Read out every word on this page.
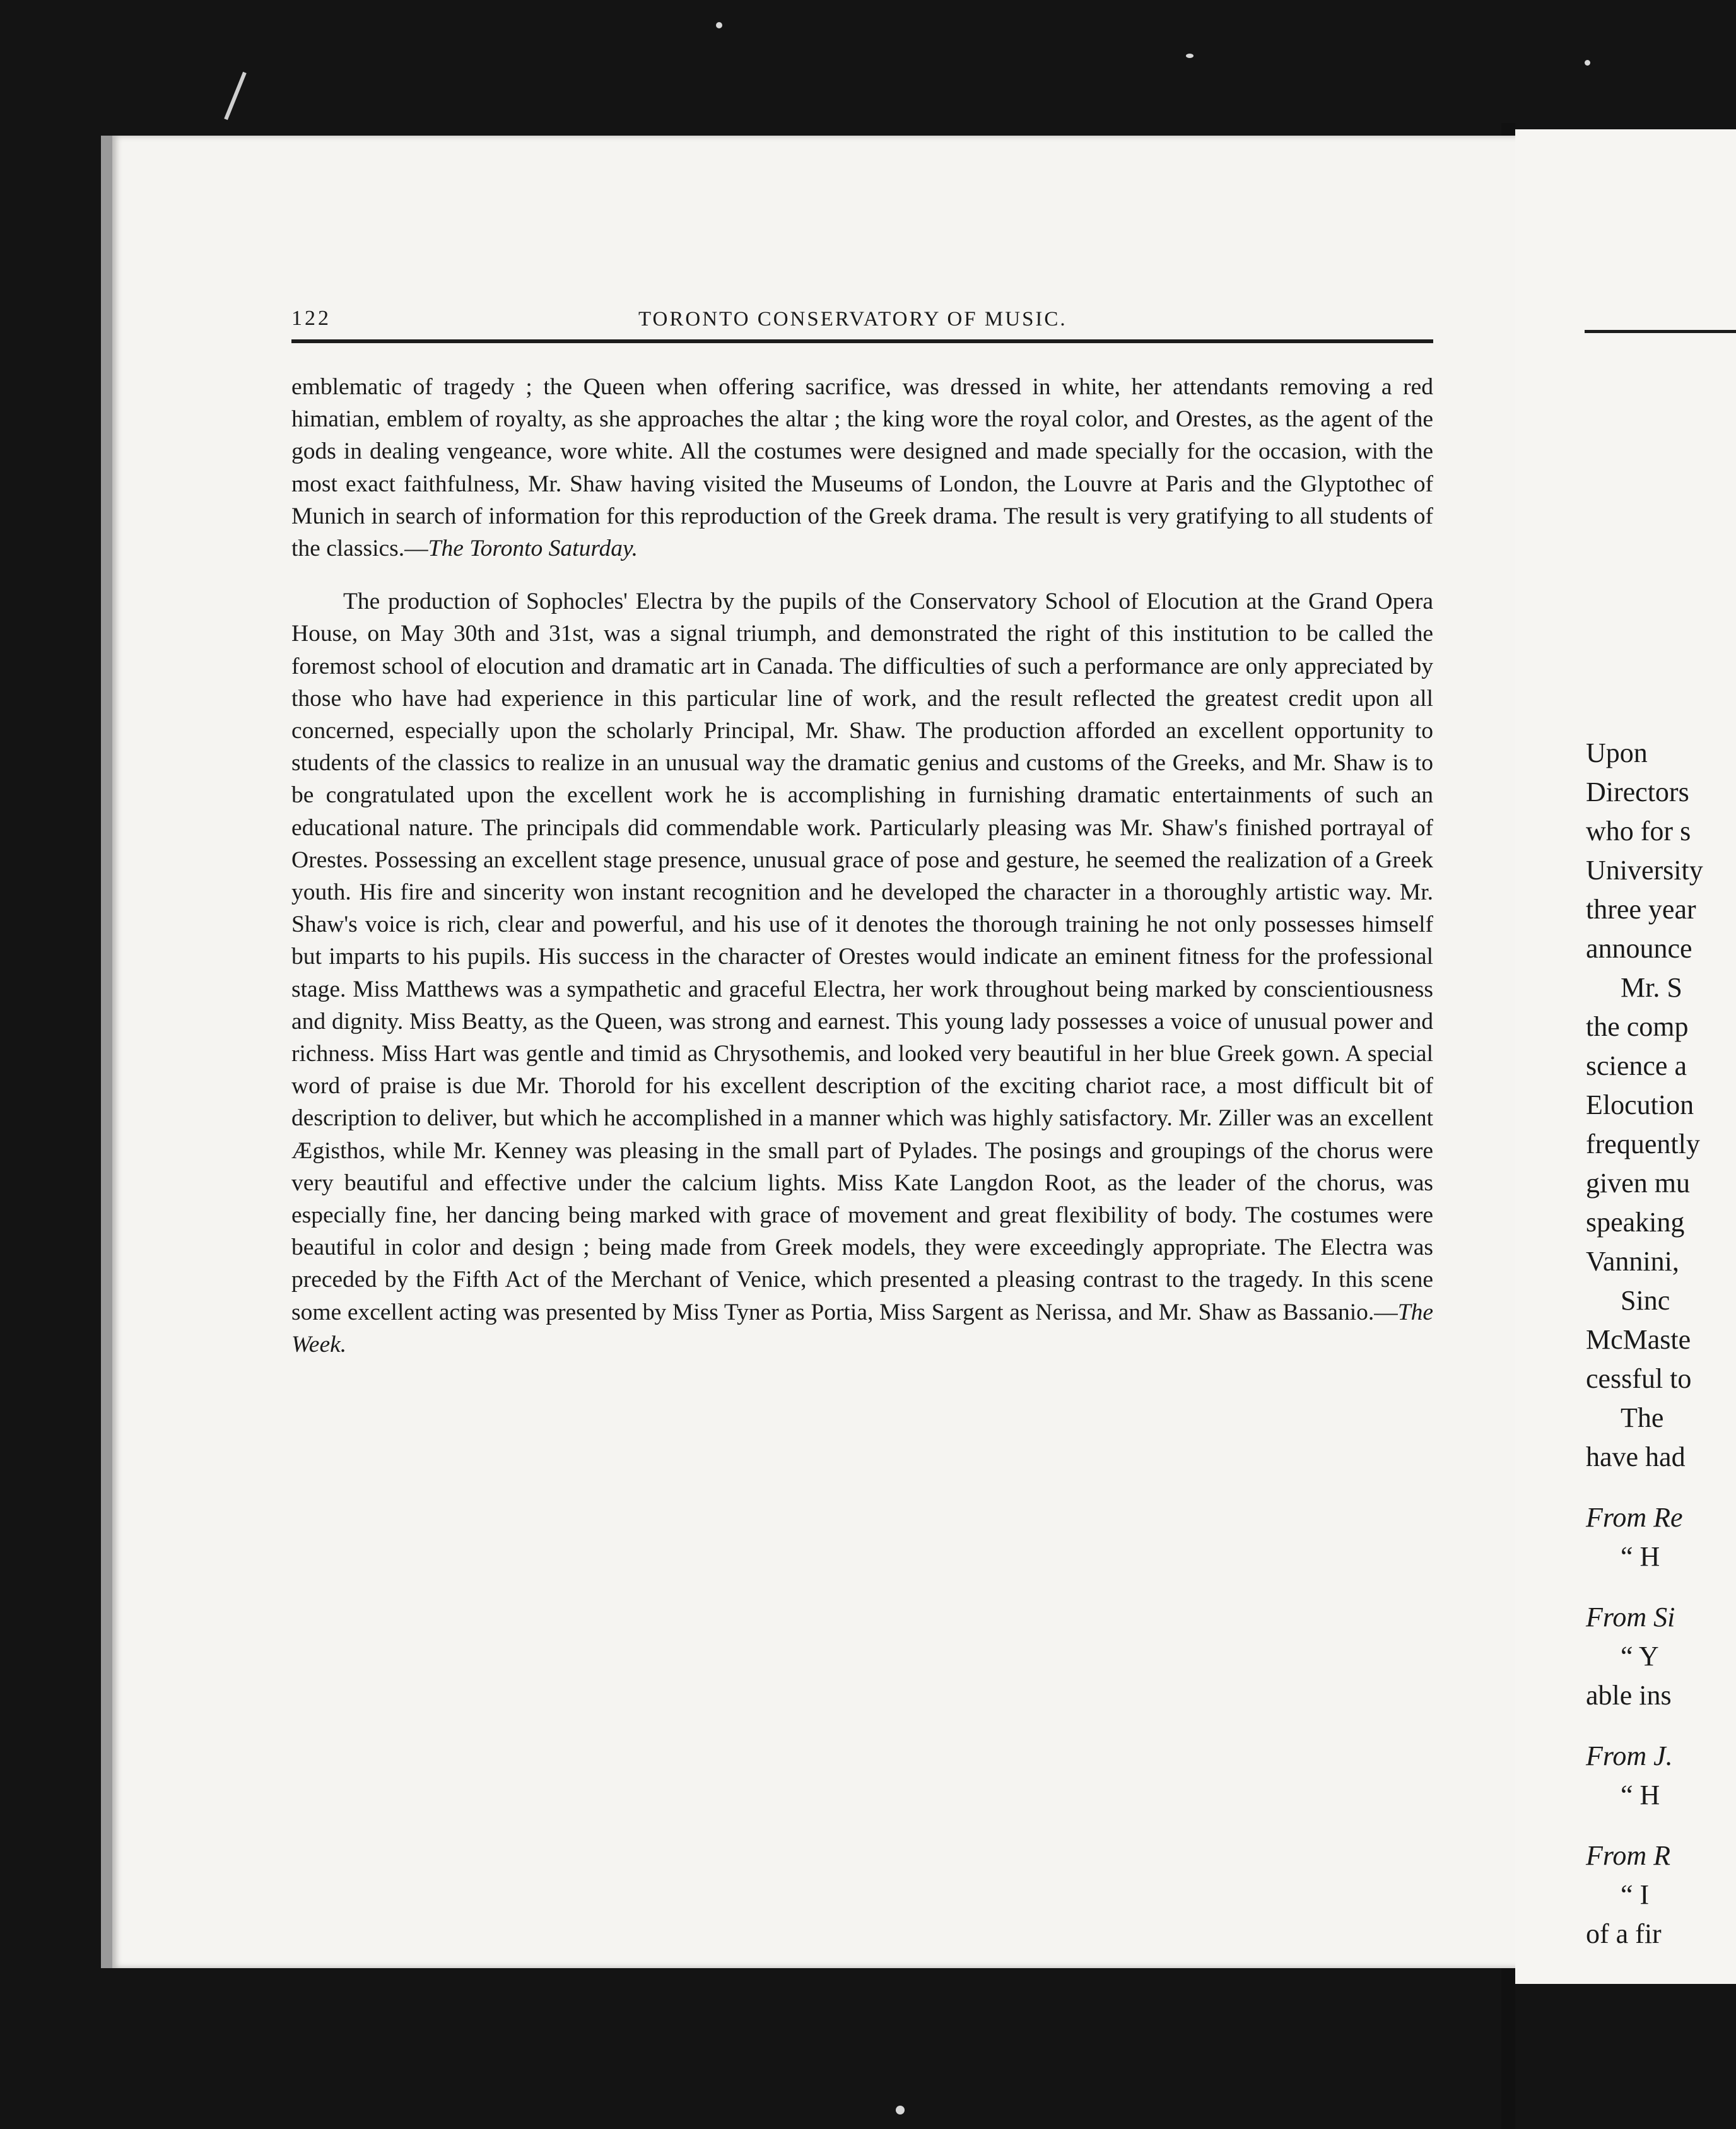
122	TORONTO CONSERVATORY OF MUSIC.

emblematic of tragedy ; the Queen when offering sacrifice, was dressed in white, her attendants removing a red himatian, emblem of royalty, as she approaches the altar ; the king wore the royal color, and Orestes, as the agent of the gods in dealing vengeance, wore white. All the costumes were designed and made specially for the occasion, with the most exact faithfulness, Mr. Shaw having visited the Museums of London, the Louvre at Paris and the Glyptothec of Munich in search of information for this reproduction of the Greek drama. The result is very gratifying to all students of the classics.—The Toronto Saturday.

The production of Sophocles' Electra by the pupils of the Conservatory School of Elocution at the Grand Opera House, on May 30th and 31st, was a signal triumph, and demonstrated the right of this institution to be called the foremost school of elocution and dramatic art in Canada. The difficulties of such a performance are only appreciated by those who have had experience in this particular line of work, and the result reflected the greatest credit upon all concerned, especially upon the scholarly Principal, Mr. Shaw. The production afforded an excellent opportunity to students of the classics to realize in an unusual way the dramatic genius and customs of the Greeks, and Mr. Shaw is to be congratulated upon the excellent work he is accomplishing in furnishing dramatic entertainments of such an educational nature. The principals did commendable work. Particularly pleasing was Mr. Shaw's finished portrayal of Orestes. Possessing an excellent stage presence, unusual grace of pose and gesture, he seemed the realization of a Greek youth. His fire and sincerity won instant recognition and he developed the character in a thoroughly artistic way. Mr. Shaw's voice is rich, clear and powerful, and his use of it denotes the thorough training he not only possesses himself but imparts to his pupils. His success in the character of Orestes would indicate an eminent fitness for the professional stage. Miss Matthews was a sympathetic and graceful Electra, her work throughout being marked by conscientiousness and dignity. Miss Beatty, as the Queen, was strong and earnest. This young lady possesses a voice of unusual power and richness. Miss Hart was gentle and timid as Chrysothemis, and looked very beautiful in her blue Greek gown. A special word of praise is due Mr. Thorold for his excellent description of the exciting chariot race, a most difficult bit of description to deliver, but which he accomplished in a manner which was highly satisfactory. Mr. Ziller was an excellent Ægisthos, while Mr. Kenney was pleasing in the small part of Pylades. The posings and groupings of the chorus were very beautiful and effective under the calcium lights. Miss Kate Langdon Root, as the leader of the chorus, was especially fine, her dancing being marked with grace of movement and great flexibility of body. The costumes were beautiful in color and design ; being made from Greek models, they were exceedingly appropriate. The Electra was preceded by the Fifth Act of the Merchant of Venice, which presented a pleasing contrast to the tragedy. In this scene some excellent acting was presented by Miss Tyner as Portia, Miss Sargent as Nerissa, and Mr. Shaw as Bassanio.—The Week.

Upon
Directors
who for s
University
three year
announce
Mr. S
the comp
science a
Elocution
frequently
given mu
speaking
Vannini,
Sinc
McMaste
cessful to
The
have had
From Re
“ H
From Si
“ Y
able ins
From J.
“ H
From R
“ I
of a fir
